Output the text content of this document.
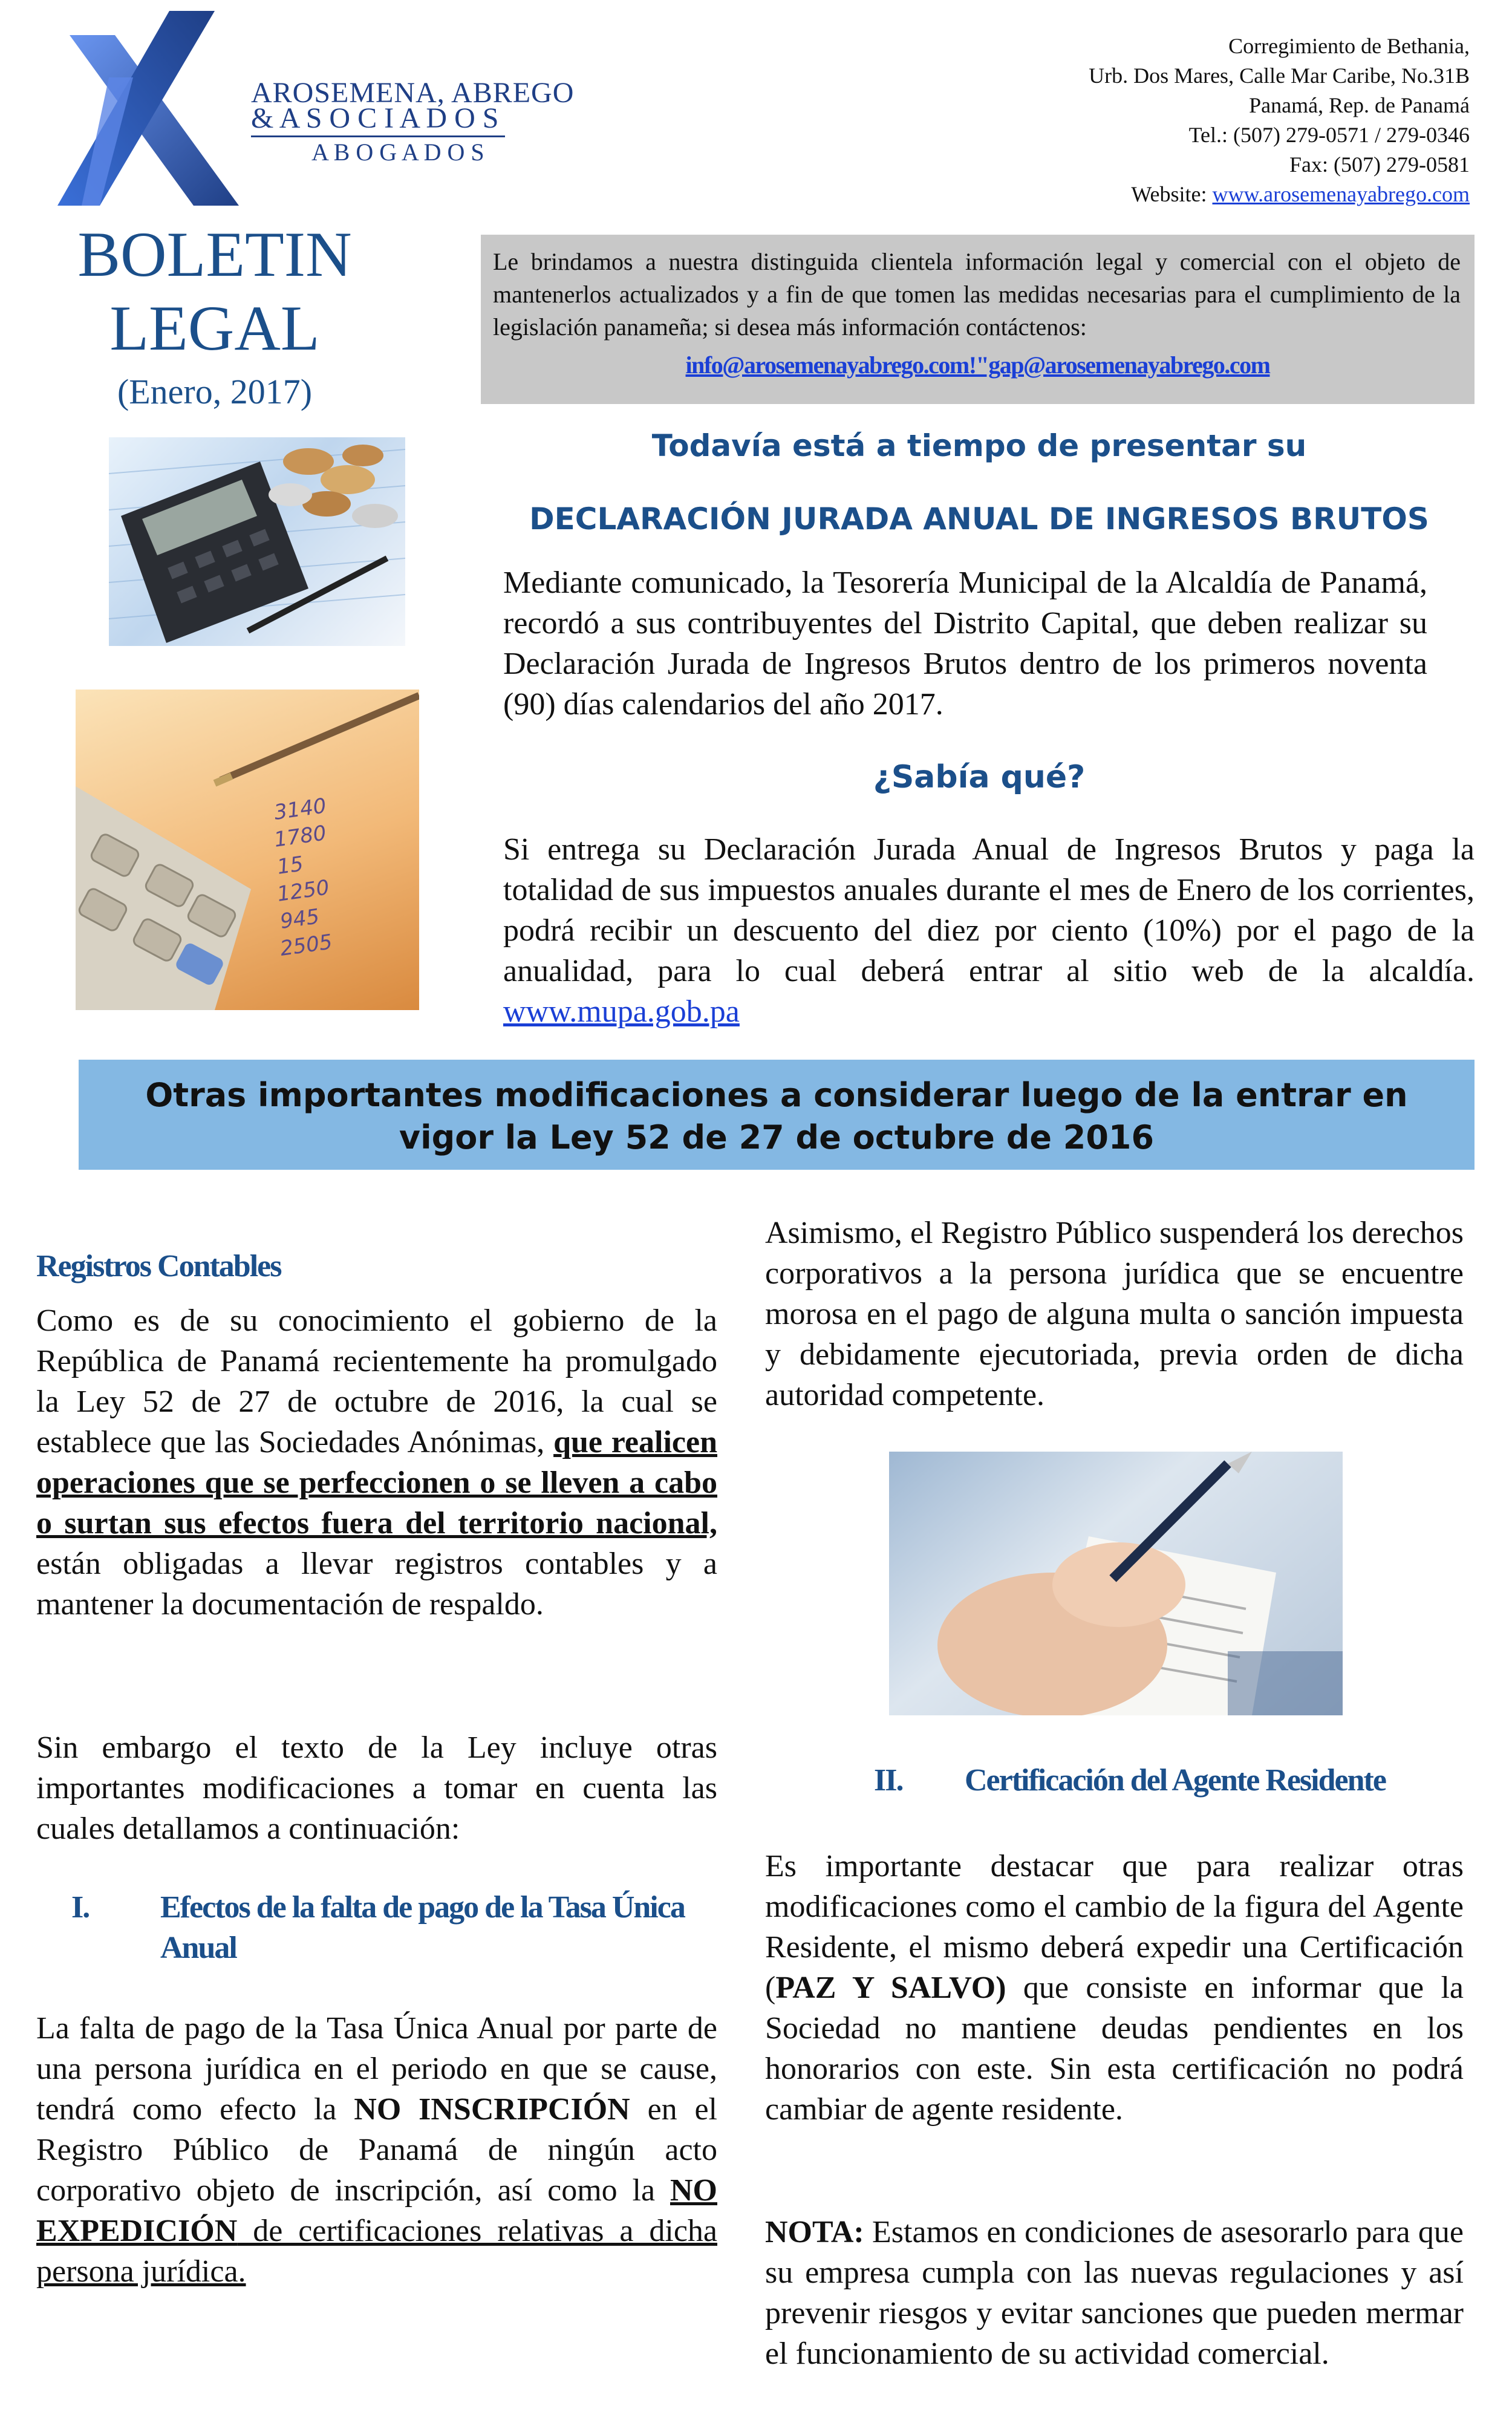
AROSEMENA, ABREGO
& A S O C I A D O S
A B O G A D O S
Corregimiento de Bethania,
Urb. Dos Mares, Calle Mar Caribe, No.31B
Panamá, Rep. de Panamá
Tel.: (507) 279-0571 / 279-0346
Fax: (507) 279-0581
Website: www.arosemenayabrego.com
BOLETIN
LEGAL
(Enero, 2017)
Le brindamos a nuestra distinguida clientela información legal y comercial con el objeto de mantenerlos actualizados y a fin de que tomen las medidas necesarias para el cumplimiento de la legislación panameña; si desea más información contáctenos:
info@arosemenayabrego.com!"gap@arosemenayabrego.com
3140
1780
15
1250
945
2505
Todavía está a tiempo de presentar su
DECLARACIÓN JURADA ANUAL DE INGRESOS BRUTOS
Mediante comunicado, la Tesorería Municipal de la Alcaldía de Panamá, recordó a sus contribuyentes del Distrito Capital, que deben realizar su Declaración Jurada de Ingresos Brutos dentro de los primeros noventa (90) días calendarios del año 2017.
¿Sabía qué?
Si entrega su Declaración Jurada Anual de Ingresos Brutos y paga la totalidad de sus impuestos anuales durante el mes de Enero de los corrientes, podrá recibir un descuento del diez por ciento (10%) por el pago de la anualidad, para lo cual deberá entrar al sitio web de la alcaldía. www.mupa.gob.pa
Otras importantes modificaciones a considerar luego de la entrar en vigor la Ley 52 de 27 de octubre de 2016
Registros Contables
Como es de su conocimiento el gobierno de la República de Panamá recientemente ha promulgado la Ley 52 de 27 de octubre de 2016, la cual se establece que las Sociedades Anónimas, que realicen operaciones que se perfeccionen o se lleven a cabo o surtan sus efectos fuera del territorio nacional, están obligadas a llevar registros contables y a mantener la documentación de respaldo.
Sin embargo el texto de la Ley incluye otras importantes modificaciones a tomar en cuenta las cuales detallamos a continuación:
I. Efectos de la falta de pago de la Tasa Única Anual
La falta de pago de la Tasa Única Anual por parte de una persona jurídica en el periodo en que se cause, tendrá como efecto la NO INSCRIPCIÓN en el Registro Público de Panamá de ningún acto corporativo objeto de inscripción, así como la NO EXPEDICIÓN de certificaciones relativas a dicha persona jurídica.
Asimismo, el Registro Público suspenderá los derechos corporativos a la persona jurídica que se encuentre morosa en el pago de alguna multa o sanción impuesta y debidamente ejecutoriada, previa orden de dicha autoridad competente.
II. Certificación del Agente Residente
Es importante destacar que para realizar otras modificaciones como el cambio de la figura del Agente Residente, el mismo deberá expedir una Certificación (PAZ Y SALVO) que consiste en informar que la Sociedad no mantiene deudas pendientes en los honorarios con este. Sin esta certificación no podrá cambiar de agente residente.
NOTA: Estamos en condiciones de asesorarlo para que su empresa cumpla con las nuevas regulaciones y así prevenir riesgos y evitar sanciones que pueden mermar el funcionamiento de su actividad comercial.
